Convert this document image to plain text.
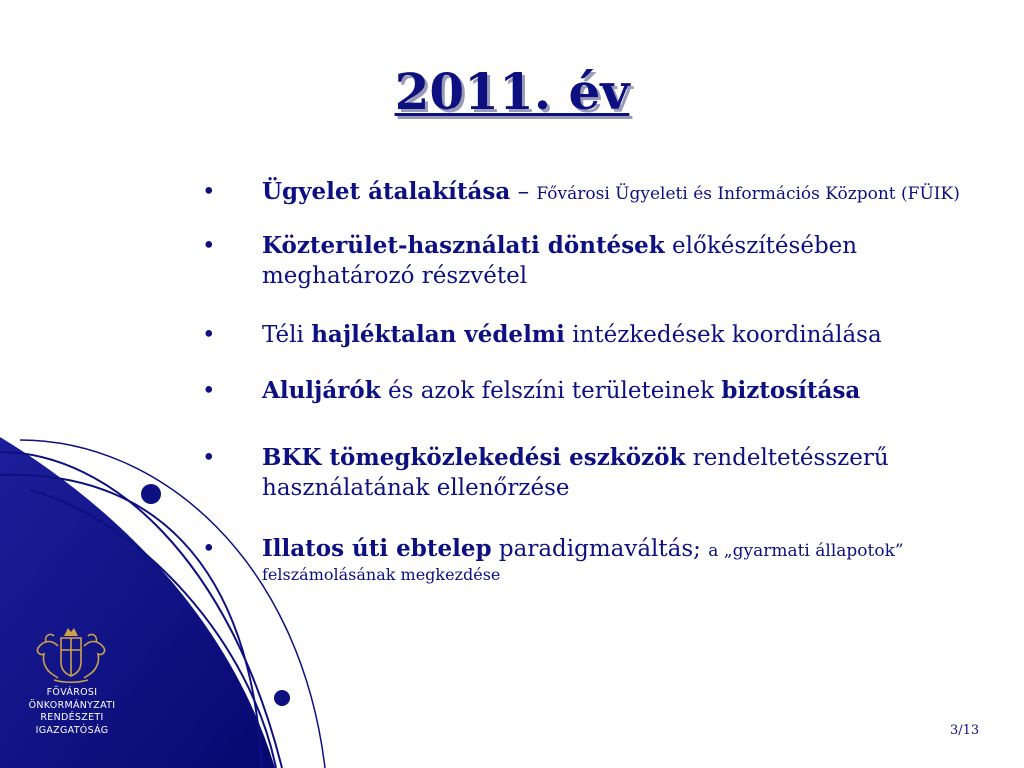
2011. év
• Ügyelet átalakítása – Fővárosi Ügyeleti és Információs Központ (FÜIK)
• Közterület-használati döntések előkészítésében
meghatározó részvétel
• Téli hajléktalan védelmi intézkedések koordinálása
• Aluljárók és azok felszíni területeinek biztosítása
• BKK tömegközlekedési eszközök rendeltetésszerű
használatának ellenőrzése
• Illatos úti ebtelep paradigmaváltás; a „gyarmati állapotok”
$^{felszámolásának megkezdése}$
FŐVÁROSI
ÖNKORMÁNYZATI
RENDÉSZETI
IGAZGATÓSÁG	3/13
